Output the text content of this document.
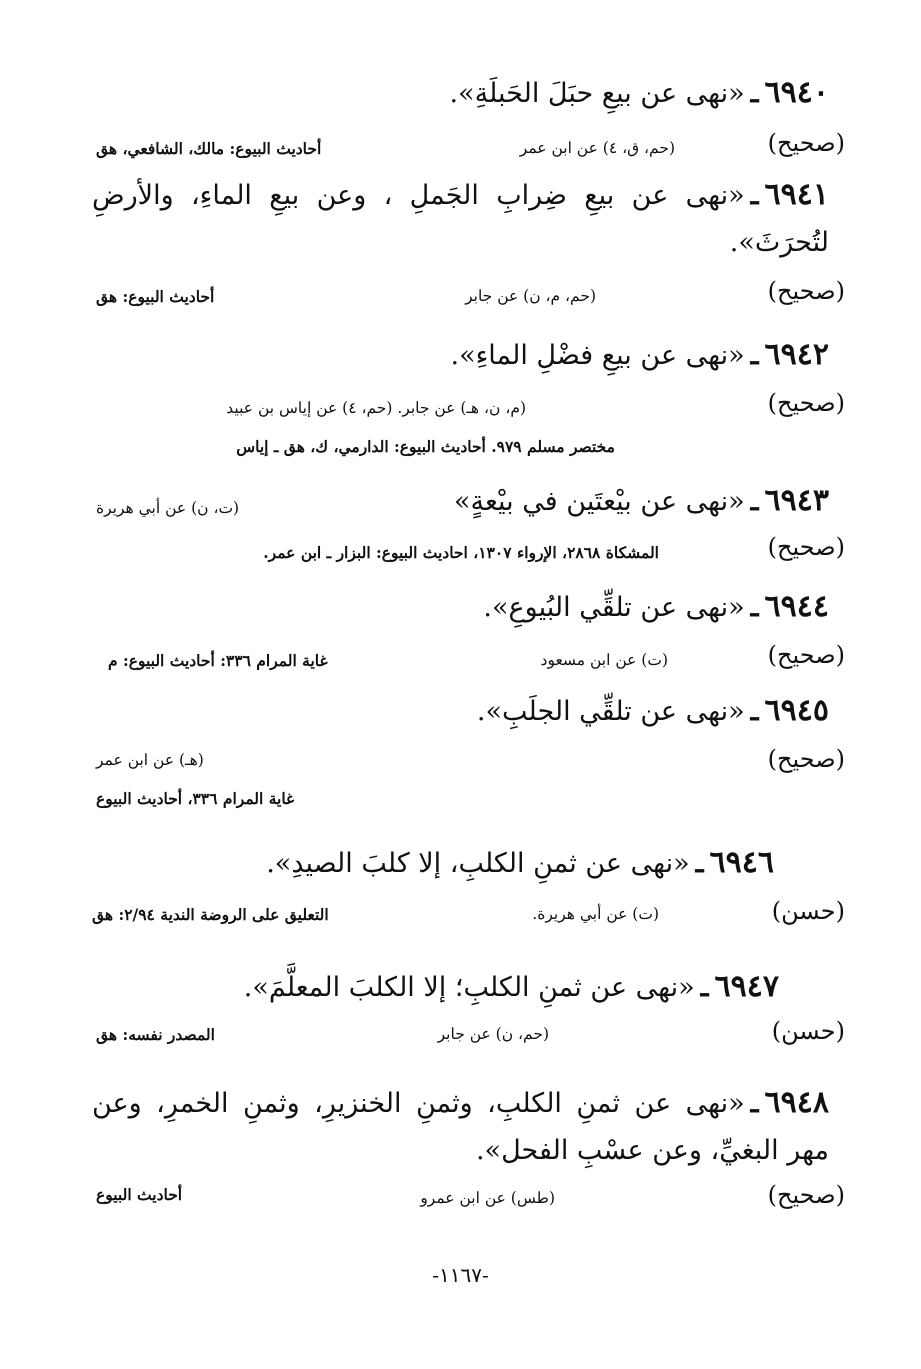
٦٩٤٠ـ«نهى عن بيعِ حبَلَ الحَبلَةِ».
(صحيح)
(حم، ق، ٤) عن ابن عمر
أحاديث البيوع: مالك، الشافعي، هق
٦٩٤١ـ«نهى عن بيعِ ضِرابِ الجَملِ ، وعن بيعِ الماءِ، والأرضِ
لتُحرَثَ».
(صحيح)
(حم، م، ن) عن جابر
أحاديث البيوع: هق
٦٩٤٢ـ«نهى عن بيعِ فضْلِ الماءِ».
(صحيح)
(م، ن، هـ) عن جابر. (حم، ٤) عن إياس بن عبيد
مختصر مسلم ٩٧٩. أحاديث البيوع: الدارمي، ك، هق ـ إياس
٦٩٤٣ـ«نهى عن بيْعتَين في بيْعةٍ»
(ت، ن) عن أبي هريرة
(صحيح)
المشكاة ٢٨٦٨، الإرواء ١٣٠٧، احاديث البيوع: البزار ـ ابن عمر.
٦٩٤٤ـ«نهى عن تلقِّي البُيوعِ».
(صحيح)
(ت) عن ابن مسعود
غاية المرام ٣٣٦: أحاديث البيوع: م
٦٩٤٥ـ«نهى عن تلقِّي الجلَبِ».
(صحيح)
(هـ) عن ابن عمر
غاية المرام ٣٣٦، أحاديث البيوع
٦٩٤٦ـ«نهى عن ثمنِ الكلبِ، إلا كلبَ الصيدِ».
(حسن)
(ت) عن أبي هريرة.
التعليق على الروضة الندية ٢/٩٤: هق
٦٩٤٧ـ«نهى عن ثمنِ الكلبِ؛ إلا الكلبَ المعلَّمَ».
(حسن)
(حم، ن) عن جابر
المصدر نفسه: هق
٦٩٤٨ـ«نهى عن ثمنِ الكلبِ، وثمنِ الخنزيرِ، وثمنِ الخمرِ، وعن
مهر البغيِّ، وعن عسْبِ الفحل».
(صحيح)
(طس) عن ابن عمرو
أحاديث البيوع
-١١٦٧-
